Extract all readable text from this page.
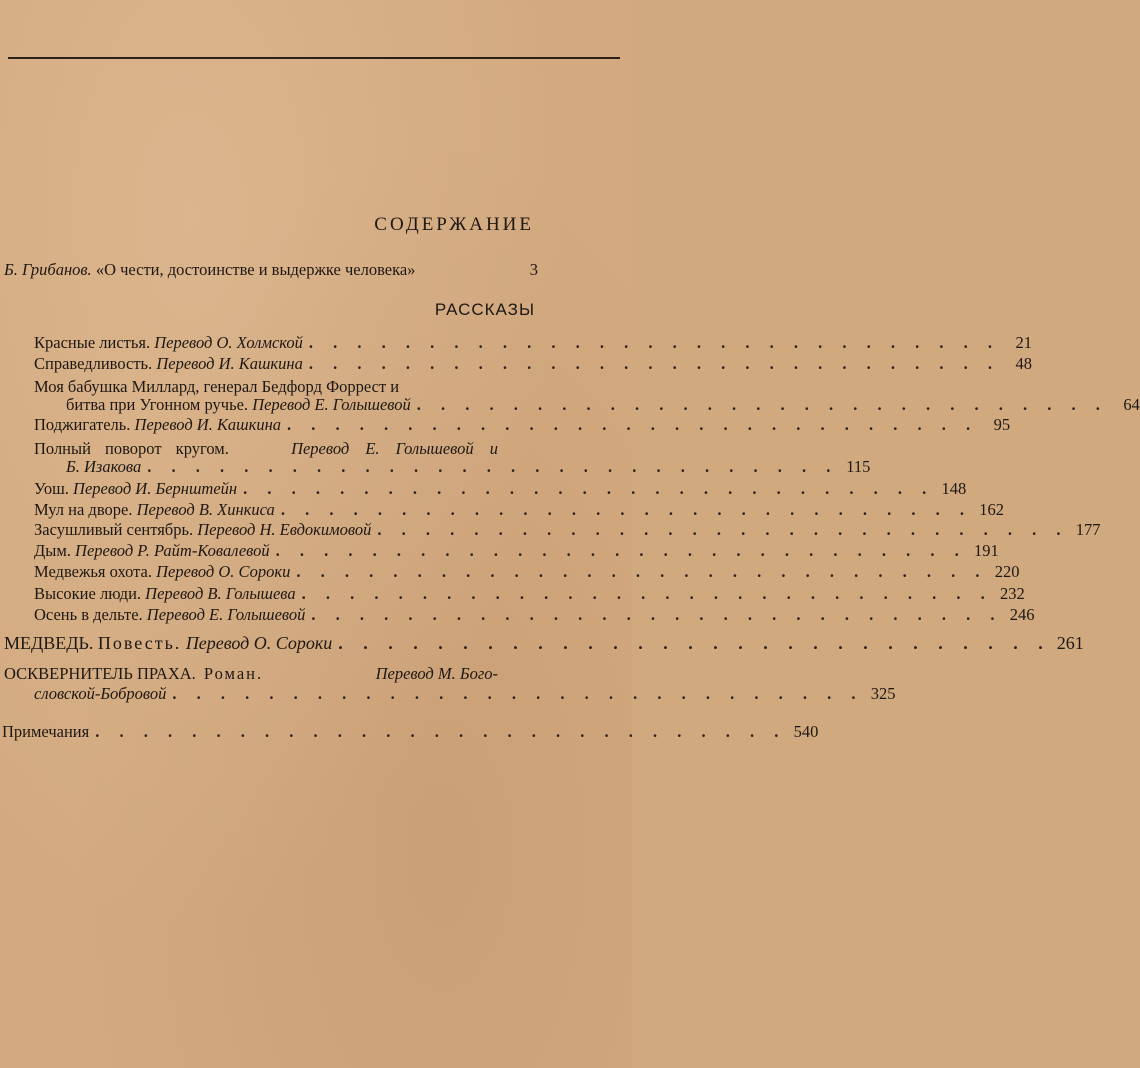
СОДЕРЖАНИЕ
Б. Грибанов. «О чести, достоинстве и выдержке человека»	3
РАССКАЗЫ
Красные листья. Перевод О. Холмской . . . . . . . . . . . . . . . . . . . . . . . . . . . . . 21
Справедливость. Перевод И. Кашкина . . . . . . . . . . . . . . . . . . . . . . . . . . . . . 48
Моя бабушка Миллард, генерал Бедфорд Форрест и
битва при Угонном ручье. Перевод Е. Голышевой . . . . . . . . . . . . . . . . . . . . . . . . . . . . . 64
Поджигатель. Перевод И. Кашкина . . . . . . . . . . . . . . . . . . . . . . . . . . . . . 95
Полный поворот кругом.	Перевод Е. Голышевой и
Б. Изакова . . . . . . . . . . . . . . . . . . . . . . . . . . . . . 115
Уош. Перевод И. Бернштейн . . . . . . . . . . . . . . . . . . . . . . . . . . . . . 148
Мул на дворе. Перевод В. Хинкиса . . . . . . . . . . . . . . . . . . . . . . . . . . . . . 162
Засушливый сентябрь. Перевод Н. Евдокимовой . . . . . . . . . . . . . . . . . . . . . . . . . . . . . 177
Дым. Перевод Р. Райт-Ковалевой . . . . . . . . . . . . . . . . . . . . . . . . . . . . . 191
Медвежья охота. Перевод О. Сороки . . . . . . . . . . . . . . . . . . . . . . . . . . . . . 220
Высокие люди. Перевод В. Голышева . . . . . . . . . . . . . . . . . . . . . . . . . . . . . 232
Осень в дельте. Перевод Е. Голышевой . . . . . . . . . . . . . . . . . . . . . . . . . . . . . 246
МЕДВЕДЬ. Повесть. Перевод О. Сороки . . . . . . . . . . . . . . . . . . . . . . . . . . . . . 261
ОСКВЕРНИТЕЛЬ ПРАХА. Роман.	Перевод М. Бого-
словской-Бобровой . . . . . . . . . . . . . . . . . . . . . . . . . . . . . 325
Примечания . . . . . . . . . . . . . . . . . . . . . . . . . . . . . 540
